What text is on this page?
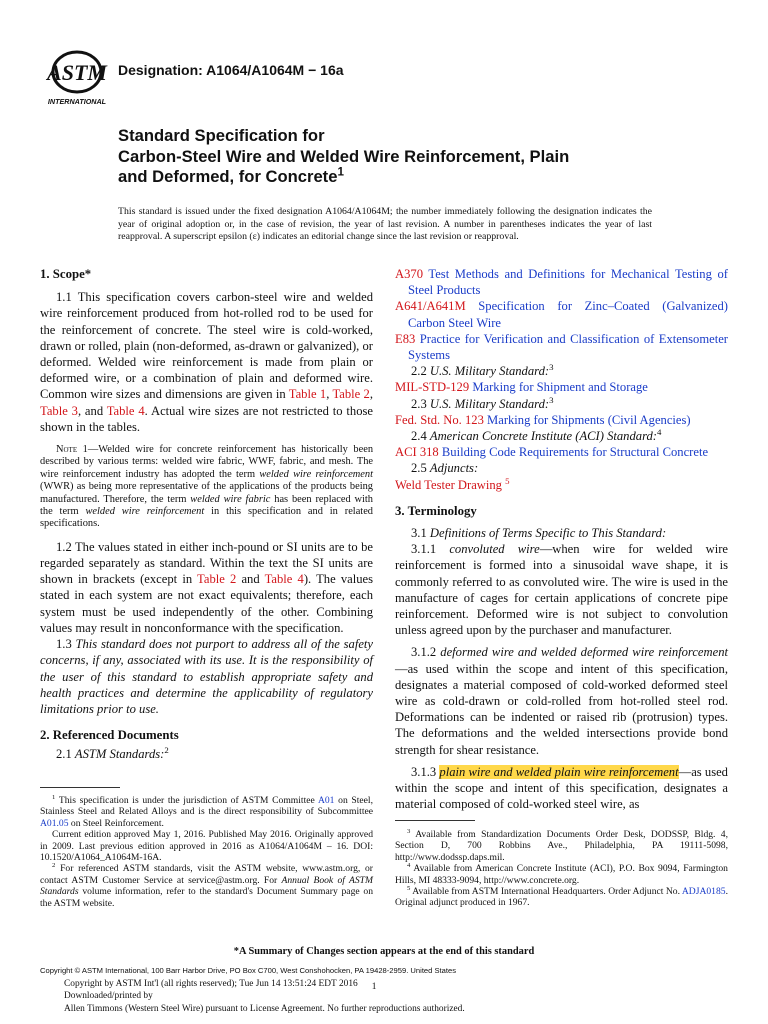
ASTM
INTERNATIONAL
Designation: A1064/A1064M − 16a
Standard Specification for
Carbon-Steel Wire and Welded Wire Reinforcement, Plain
and Deformed, for Concrete$^1$
This standard is issued under the fixed designation A1064/A1064M; the number immediately following the designation indicates the year of original adoption or, in the case of revision, the year of last revision. A number in parentheses indicates the year of last reapproval. A superscript epsilon (ε) indicates an editorial change since the last revision or reapproval.

1. Scope*

1.1 This specification covers carbon-steel wire and welded wire reinforcement produced from hot-rolled rod to be used for the reinforcement of concrete. The steel wire is cold-worked, drawn or rolled, plain (non-deformed, as-drawn or galvanized), or deformed. Welded wire reinforcement is made from plain or deformed wire, or a combination of plain and deformed wire. Common wire sizes and dimensions are given in Table 1, Table 2, Table 3, and Table 4. Actual wire sizes are not restricted to those shown in the tables.

Note 1—Welded wire for concrete reinforcement has historically been described by various terms: welded wire fabric, WWF, fabric, and mesh. The wire reinforcement industry has adopted the term welded wire reinforcement (WWR) as being more representative of the applications of the products being manufactured. Therefore, the term welded wire fabric has been replaced with the term welded wire reinforcement in this specification and in related specifications.

1.2 The values stated in either inch-pound or SI units are to be regarded separately as standard. Within the text the SI units are shown in brackets (except in Table 2 and Table 4). The values stated in each system are not exact equivalents; therefore, each system must be used independently of the other. Combining values may result in nonconformance with the specification.

1.3 This standard does not purport to address all of the safety concerns, if any, associated with its use. It is the responsibility of the user of this standard to establish appropriate safety and health practices and determine the applicability of regulatory limitations prior to use.

2. Referenced Documents

2.1 ASTM Standards:$^2$

A370 Test Methods and Definitions for Mechanical Testing of Steel Products

A641/A641M Specification for Zinc–Coated (Galvanized) Carbon Steel Wire

E83 Practice for Verification and Classification of Extensometer Systems

2.2 U.S. Military Standard:$^3$

MIL-STD-129 Marking for Shipment and Storage

2.3 U.S. Military Standard:$^3$

Fed. Std. No. 123 Marking for Shipments (Civil Agencies)

2.4 American Concrete Institute (ACI) Standard:$^4$

ACI 318 Building Code Requirements for Structural Concrete

2.5 Adjuncts:

Weld Tester Drawing $^5$

3. Terminology

3.1 Definitions of Terms Specific to This Standard:

3.1.1 convoluted wire—when wire for welded wire reinforcement is formed into a sinusoidal wave shape, it is commonly referred to as convoluted wire. The wire is used in the manufacture of cages for certain applications of concrete pipe reinforcement. Deformed wire is not subject to convolution unless agreed upon by the purchaser and manufacturer.

3.1.2 deformed wire and welded deformed wire reinforcement—as used within the scope and intent of this specification, designates a material composed of cold-worked deformed steel wire as cold-drawn or cold-rolled from hot-rolled steel rod. Deformations can be indented or raised rib (protrusion) types. The deformations and the welded intersections provide bond strength for shear resistance.

3.1.3 plain wire and welded plain wire reinforcement—as used within the scope and intent of this specification, designates a material composed of cold-worked steel wire, as

$^1$ This specification is under the jurisdiction of ASTM Committee A01 on Steel, Stainless Steel and Related Alloys and is the direct responsibility of Subcommittee A01.05 on Steel Reinforcement.

Current edition approved May 1, 2016. Published May 2016. Originally approved in 2009. Last previous edition approved in 2016 as A1064/A1064M – 16. DOI: 10.1520/A1064_A1064M-16A.

$^2$ For referenced ASTM standards, visit the ASTM website, www.astm.org, or contact ASTM Customer Service at service@astm.org. For Annual Book of ASTM Standards volume information, refer to the standard's Document Summary page on the ASTM website.

$^3$ Available from Standardization Documents Order Desk, DODSSP, Bldg. 4, Section D, 700 Robbins Ave., Philadelphia, PA 19111-5098, http://www.dodssp.daps.mil.

$^4$ Available from American Concrete Institute (ACI), P.O. Box 9094, Farmington Hills, MI 48333-9094, http://www.concrete.org.

$^5$ Available from ASTM International Headquarters. Order Adjunct No. ADJA0185. Original adjunct produced in 1967.

*A Summary of Changes section appears at the end of this standard
Copyright © ASTM International, 100 Barr Harbor Drive, PO Box C700, West Conshohocken, PA 19428-2959. United States
Copyright by ASTM Int'l (all rights reserved); Tue Jun 14 13:51:24 EDT 2016 1
Downloaded/printed by
Allen Timmons (Western Steel Wire) pursuant to License Agreement. No further reproductions authorized.
